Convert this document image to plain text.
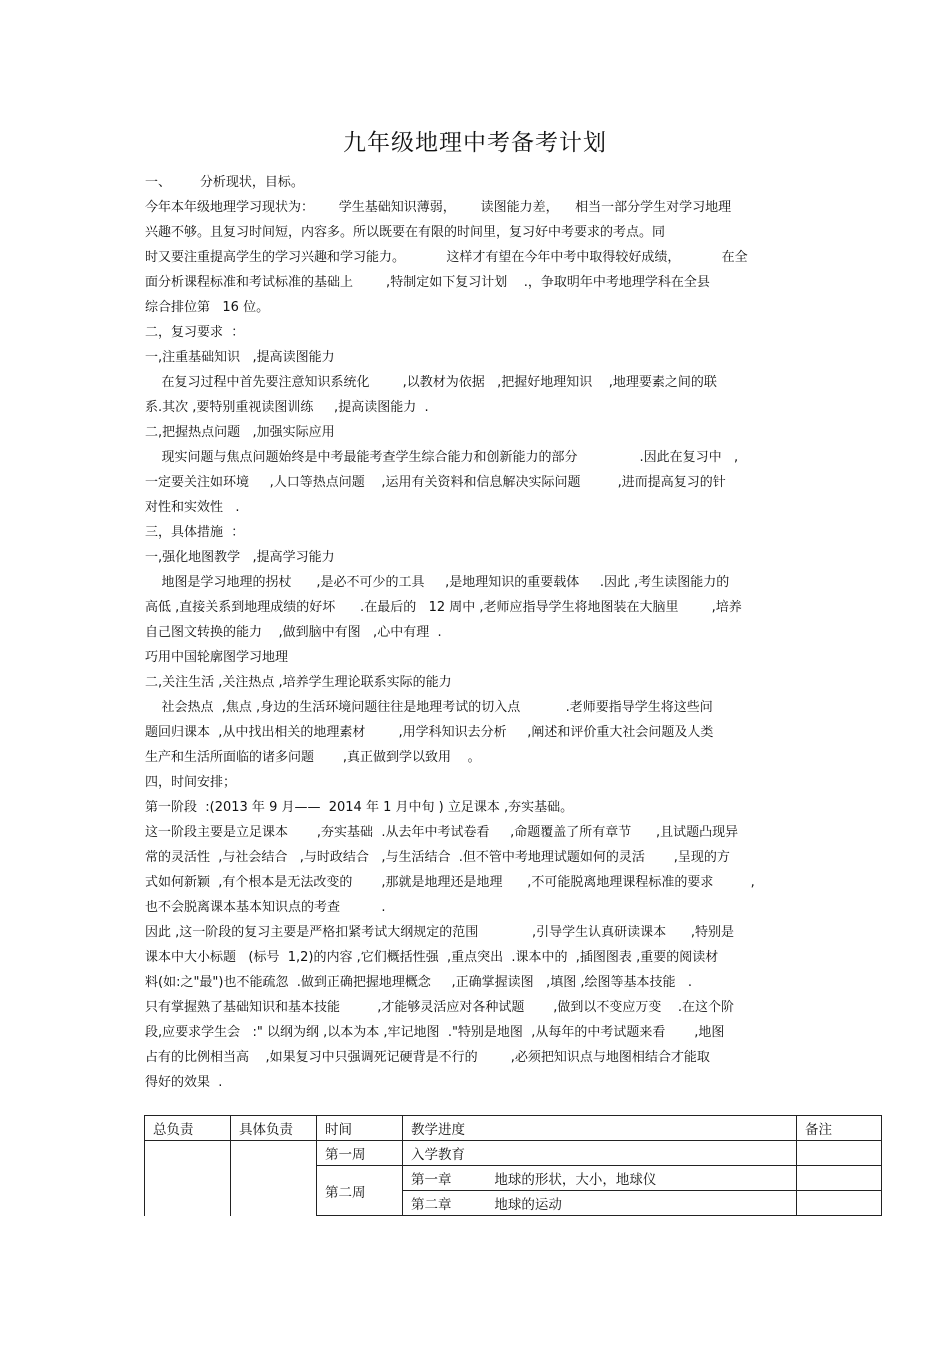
九年级地理中考备考计划
一、       分析现状，目标。
今年本年级地理学习现状为：      学生基础知识薄弱，      读图能力差，    相当一部分学生对学习地理
兴趣不够。且复习时间短，内容多。所以既要在有限的时间里，复习好中考要求的考点。同
时又要注重提高学生的学习兴趣和学习能力。          这样才有望在今年中考中取得较好成绩，          在全
面分析课程标准和考试标准的基础上        ,特制定如下复习计划    .，争取明年中考地理学科在全县
综合排位第   16 位。
二，复习要求  ：
一,注重基础知识   ,提高读图能力
在复习过程中首先要注意知识系统化        ,以教材为依据   ,把握好地理知识    ,地理要素之间的联
系.其次 ,要特别重视读图训练     ,提高读图能力  .
二,把握热点问题   ,加强实际应用
现实问题与焦点问题始终是中考最能考查学生综合能力和创新能力的部分               .因此在复习中   ,
一定要关注如环境     ,人口等热点问题    ,运用有关资料和信息解决实际问题         ,进而提高复习的针
对性和实效性   .
三，具体措施  ：
一,强化地图教学   ,提高学习能力
地图是学习地理的拐杖      ,是必不可少的工具     ,是地理知识的重要载体     .因此 ,考生读图能力的
高低 ,直接关系到地理成绩的好坏      .在最后的   12 周中 ,老师应指导学生将地图装在大脑里        ,培养
自己图文转换的能力    ,做到脑中有图   ,心中有理  .
巧用中国轮廓图学习地理
二,关注生活 ,关注热点 ,培养学生理论联系实际的能力
社会热点  ,焦点 ,身边的生活环境问题往往是地理考试的切入点           .老师要指导学生将这些问
题回归课本  ,从中找出相关的地理素材        ,用学科知识去分析     ,阐述和评价重大社会问题及人类
生产和生活所面临的诸多问题       ,真正做到学以致用    。
四，时间安排；
第一阶段  :(2013 年 9 月——  2014 年 1 月中旬 ) 立足课本 ,夯实基础。
这一阶段主要是立足课本       ,夯实基础  .从去年中考试卷看     ,命题覆盖了所有章节      ,且试题凸现异
常的灵活性  ,与社会结合   ,与时政结合   ,与生活结合  .但不管中考地理试题如何的灵活       ,呈现的方
式如何新颖  ,有个根本是无法改变的       ,那就是地理还是地理      ,不可能脱离地理课程标准的要求         ,
也不会脱离课本基本知识点的考查          .
因此 ,这一阶段的复习主要是严格扣紧考试大纲规定的范围             ,引导学生认真研读课本      ,特别是
课本中大小标题   (标号  1,2)的内容 ,它们概括性强  ,重点突出  .课本中的  ,插图图表 ,重要的阅读材
料(如:之"最")也不能疏忽  .做到正确把握地理概念     ,正确掌握读图   ,填图 ,绘图等基本技能   .
只有掌握熟了基础知识和基本技能         ,才能够灵活应对各种试题       ,做到以不变应万变    .在这个阶
段,应要求学生会   :" 以纲为纲 ,以本为本 ,牢记地图  ."特别是地图  ,从每年的中考试题来看       ,地图
占有的比例相当高    ,如果复习中只强调死记硬背是不行的        ,必须把知识点与地图相结合才能取
得好的效果  .
总负责	具体负责	时间	教学进度	备注
		第一周	入学教育	
		第二周	第一章          地球的形状，大小，地球仪	
			第二章          地球的运动	
